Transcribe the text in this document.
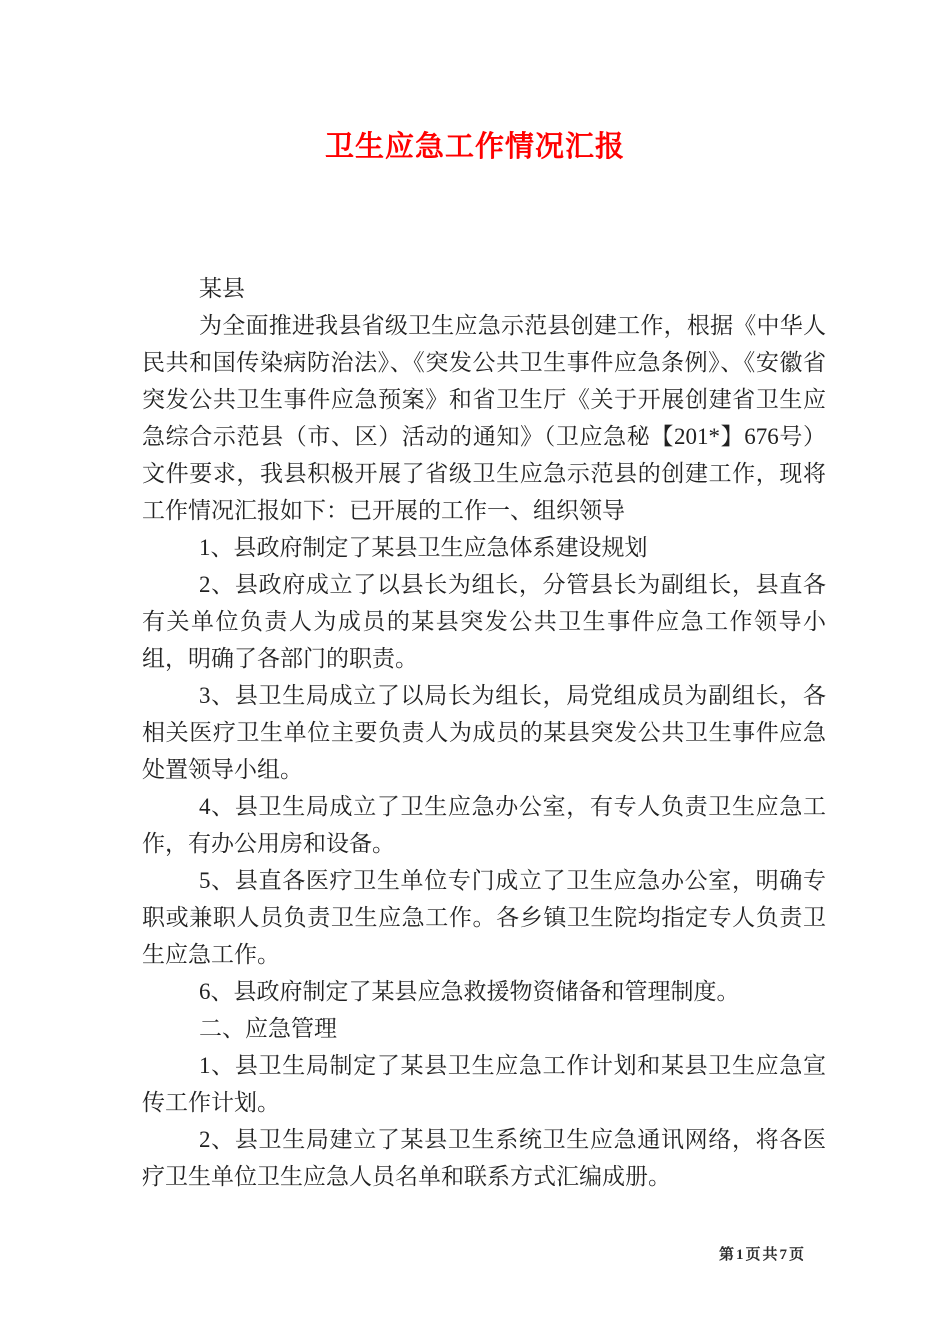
卫生应急工作情况汇报

某县

为全面推进我县省级卫生应急示范县创建工作，根据《中华人民共和国传染病防治法》、《突发公共卫生事件应急条例》、《安徽省突发公共卫生事件应急预案》和省卫生厅《关于开展创建省卫生应急综合示范县（市、区）活动的通知》（卫应急秘【201*】676号）文件要求，我县积极开展了省级卫生应急示范县的创建工作，现将工作情况汇报如下：已开展的工作一、组织领导

1、县政府制定了某县卫生应急体系建设规划

2、县政府成立了以县长为组长，分管县长为副组长，县直各有关单位负责人为成员的某县突发公共卫生事件应急工作领导小组，明确了各部门的职责。

3、县卫生局成立了以局长为组长，局党组成员为副组长，各相关医疗卫生单位主要负责人为成员的某县突发公共卫生事件应急处置领导小组。

4、县卫生局成立了卫生应急办公室，有专人负责卫生应急工作，有办公用房和设备。

5、县直各医疗卫生单位专门成立了卫生应急办公室，明确专职或兼职人员负责卫生应急工作。各乡镇卫生院均指定专人负责卫生应急工作。

6、县政府制定了某县应急救援物资储备和管理制度。

二、应急管理

1、县卫生局制定了某县卫生应急工作计划和某县卫生应急宣传工作计划。

2、县卫生局建立了某县卫生系统卫生应急通讯网络，将各医疗卫生单位卫生应急人员名单和联系方式汇编成册。

第1页共7页
